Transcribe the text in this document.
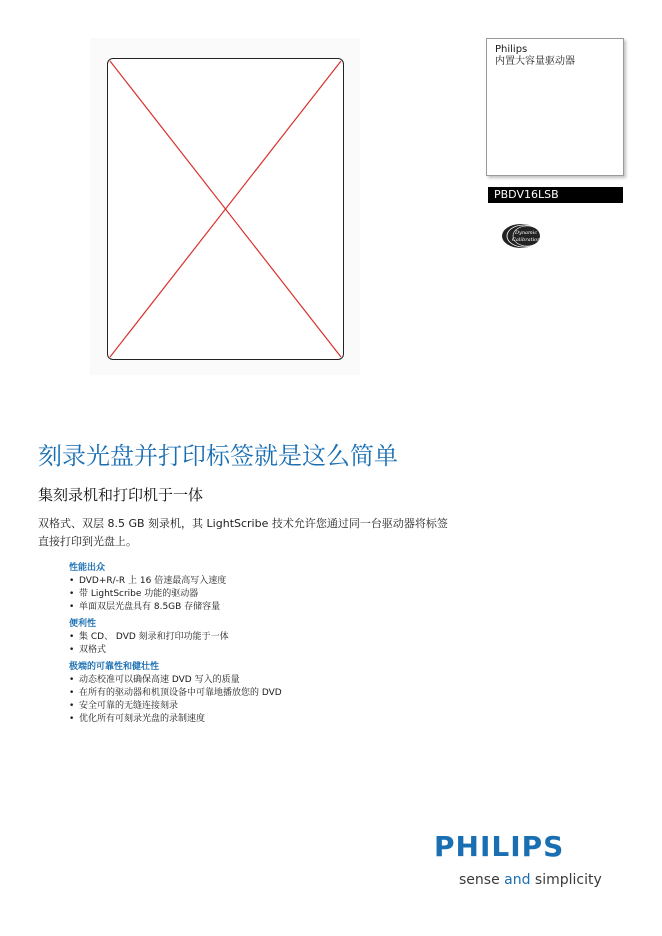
Philips
内置大容量驱动器
PBDV16LSB
Dynamic
Calibration
刻录光盘并打印标签就是这么简单
集刻录机和打印机于一体
双格式、双层 8.5 GB 刻录机，其 LightScribe 技术允许您通过同一台驱动器将标签直接打印到光盘上。
性能出众
• DVD+R/-R 上 16 倍速最高写入速度
• 带 LightScribe 功能的驱动器
• 单面双层光盘具有 8.5GB 存储容量
便利性
• 集 CD、 DVD 刻录和打印功能于一体
• 双格式
极端的可靠性和健壮性
• 动态校准可以确保高速 DVD 写入的质量
• 在所有的驱动器和机顶设备中可靠地播放您的 DVD
• 安全可靠的无缝连接刻录
• 优化所有可刻录光盘的录制速度
PHILIPS
sense and simplicity
